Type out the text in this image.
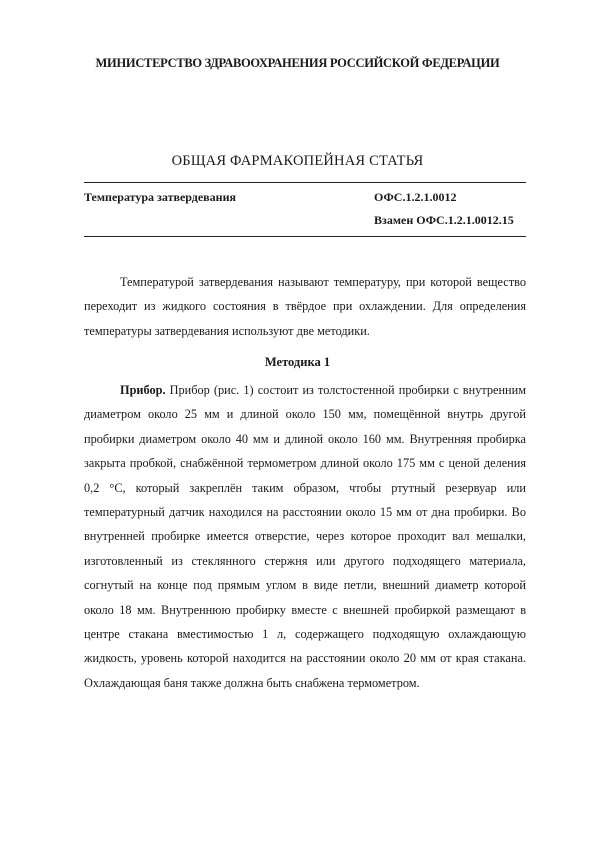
МИНИСТЕРСТВО ЗДРАВООХРАНЕНИЯ РОССИЙСКОЙ ФЕДЕРАЦИИ
ОБЩАЯ ФАРМАКОПЕЙНАЯ СТАТЬЯ
Температура затвердевания	ОФС.1.2.1.0012
Взамен ОФС.1.2.1.0012.15

Температурой затвердевания называют температуру, при которой вещество переходит из жидкого состояния в твёрдое при охлаждении. Для определения температуры затвердевания используют две методики.

Методика 1

Прибор. Прибор (рис. 1) состоит из толстостенной пробирки с внутренним диаметром около 25 мм и длиной около 150 мм, помещённой внутрь другой пробирки диаметром около 40 мм и длиной около 160 мм. Внутренняя пробирка закрыта пробкой, снабжённой термометром длиной около 175 мм с ценой деления 0,2 °С, который закреплён таким образом, чтобы ртутный резервуар или температурный датчик находился на расстоянии около 15 мм от дна пробирки. Во внутренней пробирке имеется отверстие, через которое проходит вал мешалки, изготовленный из стеклянного стержня или другого подходящего материала, согнутый на конце под прямым углом в виде петли, внешний диаметр которой около 18 мм. Внутреннюю пробирку вместе с внешней пробиркой размещают в центре стакана вместимостью 1 л, содержащего подходящую охлаждающую жидкость, уровень которой находится на расстоянии около 20 мм от края стакана. Охлаждающая баня также должна быть снабжена термометром.
